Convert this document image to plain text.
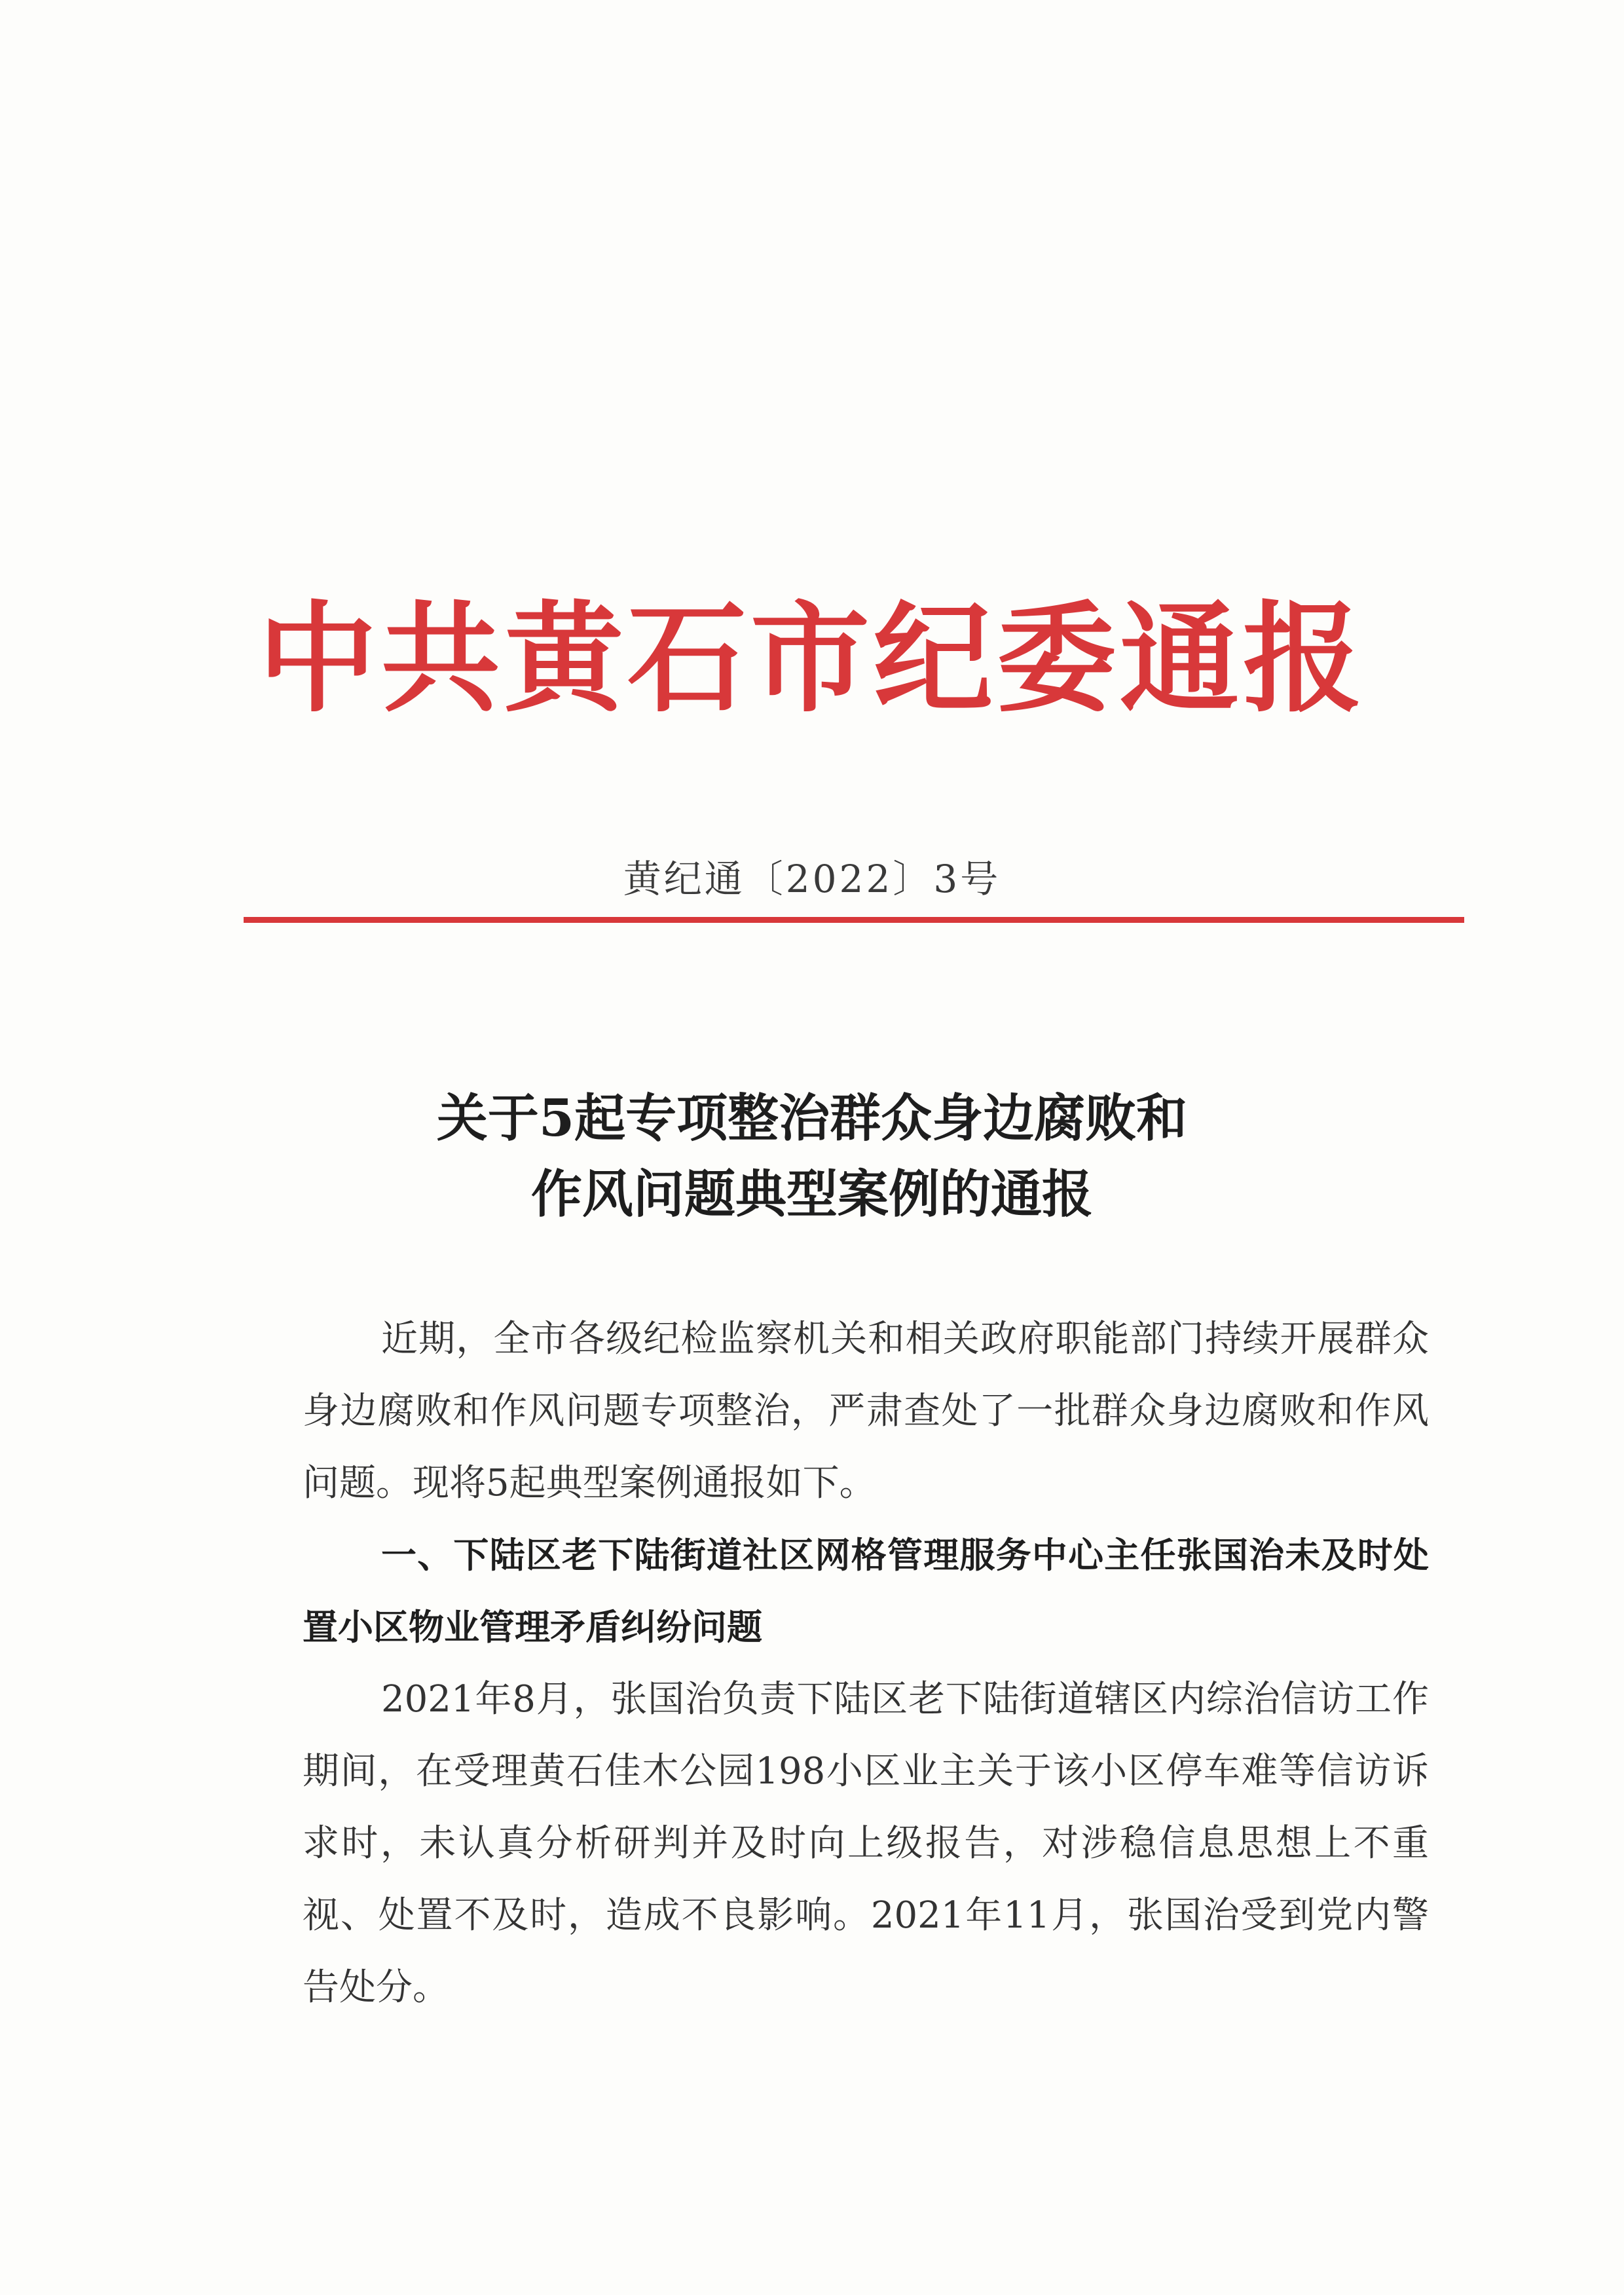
中共黄石市纪委通报
黄纪通〔2022〕3号
关于5起专项整治群众身边腐败和
作风问题典型案例的通报

近期，全市各级纪检监察机关和相关政府职能部门持续开展群众身边腐败和作风问题专项整治，严肃查处了一批群众身边腐败和作风问题。现将5起典型案例通报如下。

一、下陆区老下陆街道社区网格管理服务中心主任张国治未及时处置小区物业管理矛盾纠纷问题

2021年8月，张国治负责下陆区老下陆街道辖区内综治信访工作期间，在受理黄石佳木公园198小区业主关于该小区停车难等信访诉求时，未认真分析研判并及时向上级报告，对涉稳信息思想上不重视、处置不及时，造成不良影响。2021年11月，张国治受到党内警告处分。
